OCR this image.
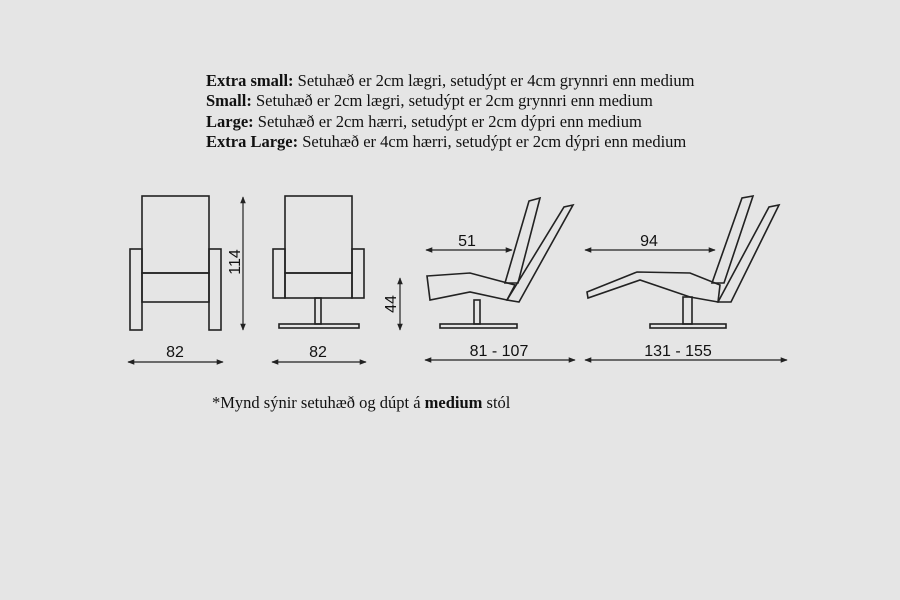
Extra small: Setuhæð er 2cm lægri, setudýpt er 4cm grynnri enn medium
Small: Setuhæð er 2cm lægri, setudýpt er 2cm grynnri enn medium
Large: Setuhæð er 2cm hærri, setudýpt er 2cm dýpri enn medium
Extra Large: Setuhæð er 4cm hærri, setudýpt er 2cm dýpri enn medium
114
82	82
44
51
81 - 107
94
131 - 155
*Mynd sýnir setuhæð og dúpt á medium stól
